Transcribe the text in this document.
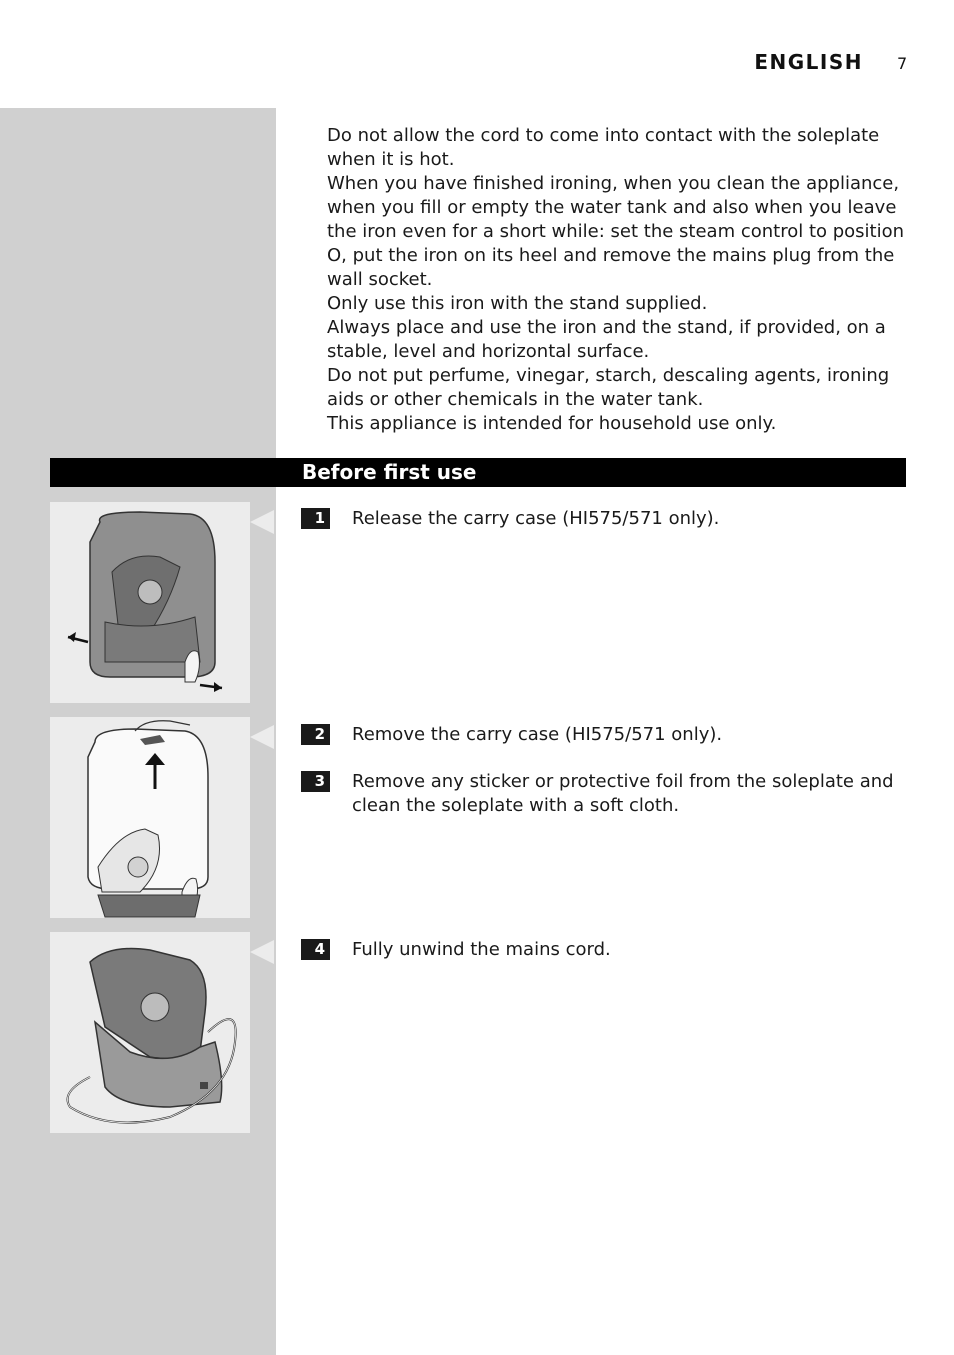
ENGLISH 7

Do not allow the cord to come into contact with the soleplate when it is hot.

When you have finished ironing, when you clean the appliance, when you fill or empty the water tank and also when you leave the iron even for a short while: set the steam control to position O, put the iron on its heel and remove the mains plug from the wall socket.

Only use this iron with the stand supplied.

Always place and use the iron and the stand, if provided, on a stable, level and horizontal surface.

Do not put perfume, vinegar, starch, descaling agents, ironing aids or other chemicals in the water tank.

This appliance is intended for household use only.

Before first use
1 Release the carry case (HI575/571 only).
2 Remove the carry case (HI575/571 only).
3 Remove any sticker or protective foil from the soleplate and clean the soleplate with a soft cloth.
4 Fully unwind the mains cord.
